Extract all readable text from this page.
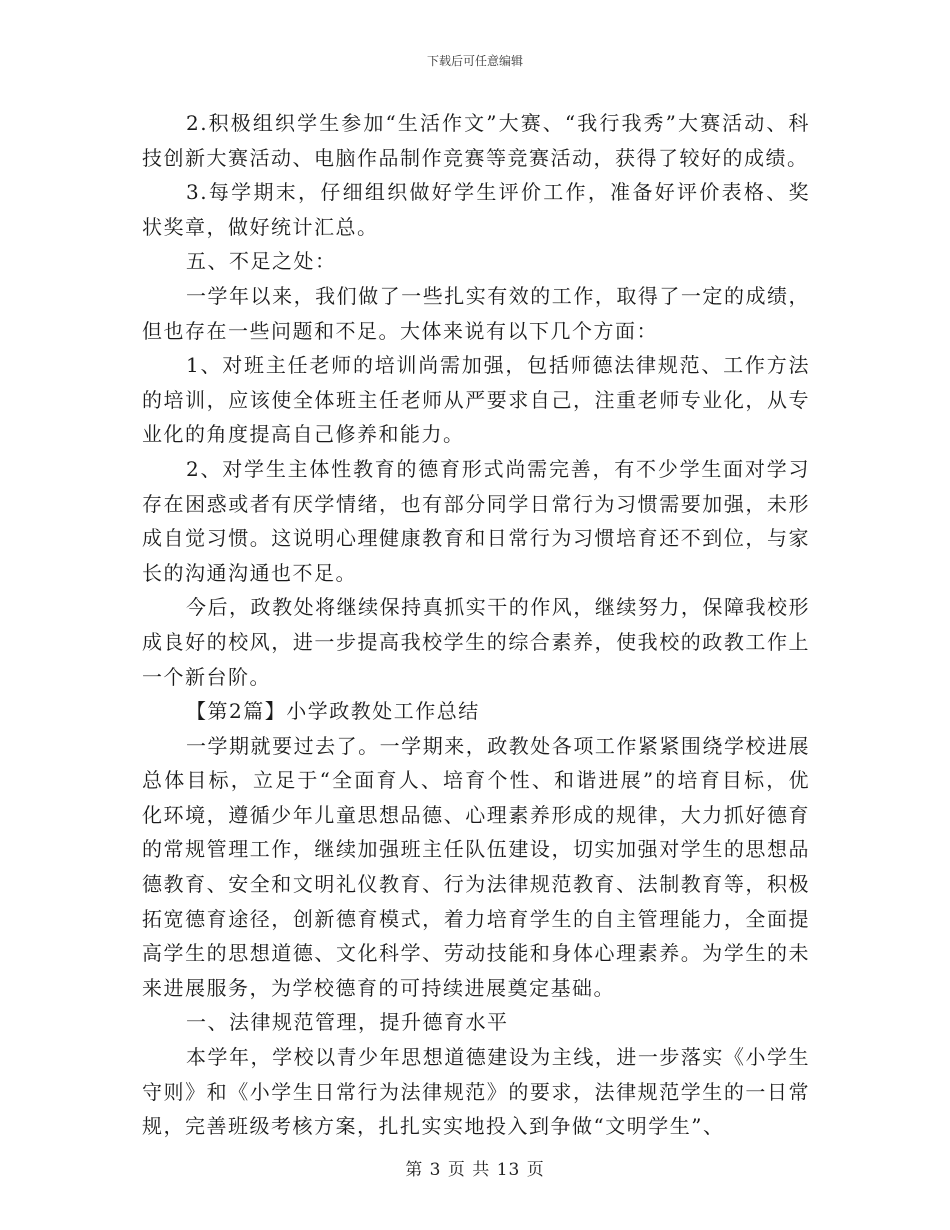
下载后可任意编辑

2.积极组织学生参加“生活作文”大赛、“我行我秀”大赛活动、科技创新大赛活动、电脑作品制作竞赛等竞赛活动，获得了较好的成绩。

3.每学期末，仔细组织做好学生评价工作，准备好评价表格、奖状奖章，做好统计汇总。

五、不足之处：

一学年以来，我们做了一些扎实有效的工作，取得了一定的成绩，但也存在一些问题和不足。大体来说有以下几个方面：

1、对班主任老师的培训尚需加强，包括师德法律规范、工作方法的培训，应该使全体班主任老师从严要求自己，注重老师专业化，从专业化的角度提高自己修养和能力。

2、对学生主体性教育的德育形式尚需完善，有不少学生面对学习存在困惑或者有厌学情绪，也有部分同学日常行为习惯需要加强，未形成自觉习惯。这说明心理健康教育和日常行为习惯培育还不到位，与家长的沟通沟通也不足。

今后，政教处将继续保持真抓实干的作风，继续努力，保障我校形成良好的校风，进一步提高我校学生的综合素养，使我校的政教工作上一个新台阶。

【第2篇】小学政教处工作总结

一学期就要过去了。一学期来，政教处各项工作紧紧围绕学校进展总体目标，立足于“全面育人、培育个性、和谐进展”的培育目标，优化环境，遵循少年儿童思想品德、心理素养形成的规律，大力抓好德育的常规管理工作，继续加强班主任队伍建设，切实加强对学生的思想品德教育、安全和文明礼仪教育、行为法律规范教育、法制教育等，积极拓宽德育途径，创新德育模式，着力培育学生的自主管理能力，全面提高学生的思想道德、文化科学、劳动技能和身体心理素养。为学生的未来进展服务，为学校德育的可持续进展奠定基础。

一、法律规范管理，提升德育水平

本学年，学校以青少年思想道德建设为主线，进一步落实《小学生守则》和《小学生日常行为法律规范》的要求，法律规范学生的一日常规，完善班级考核方案，扎扎实实地投入到争做“文明学生”、

第 3 页 共 13 页
